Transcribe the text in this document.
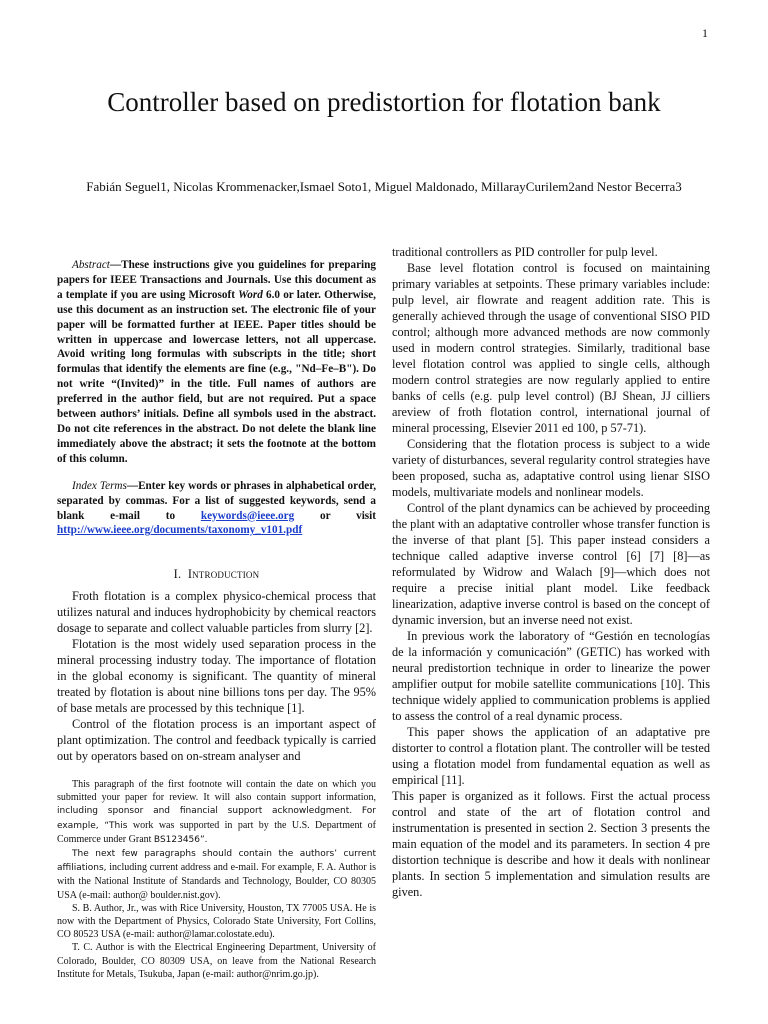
1
Controller based on predistortion for flotation bank
Fabián Seguel1, Nicolas Krommenacker,Ismael Soto1, Miguel Maldonado, MillarayCurilem2and Nestor Becerra3

Abstract—These instructions give you guidelines for preparing papers for IEEE Transactions and Journals. Use this document as a template if you are using Microsoft Word 6.0 or later. Otherwise, use this document as an instruction set. The electronic file of your paper will be formatted further at IEEE. Paper titles should be written in uppercase and lowercase letters, not all uppercase. Avoid writing long formulas with subscripts in the title; short formulas that identify the elements are fine (e.g., "Nd–Fe–B"). Do not write “(Invited)” in the title. Full names of authors are preferred in the author field, but are not required. Put a space between authors’ initials. Define all symbols used in the abstract. Do not cite references in the abstract. Do not delete the blank line immediately above the abstract; it sets the footnote at the bottom of this column.

Index Terms—Enter key words or phrases in alphabetical order, separated by commas. For a list of suggested keywords, send a blank e-mail to keywords@ieee.org or visit http://www.ieee.org/documents/taxonomy_v101.pdf

I. Introduction

Froth flotation is a complex physico-chemical process that utilizes natural and induces hydrophobicity by chemical reactors dosage to separate and collect valuable particles from slurry [2].

Flotation is the most widely used separation process in the mineral processing industry today. The importance of flotation in the global economy is significant. The quantity of mineral treated by flotation is about nine billions tons per day. The 95% of base metals are processed by this technique [1].

Control of the flotation process is an important aspect of plant optimization. The control and feedback typically is carried out by operators based on on-stream analyser and

This paragraph of the first footnote will contain the date on which you submitted your paper for review. It will also contain support information, including sponsor and financial support acknowledgment. For example, “This work was supported in part by the U.S. Department of Commerce under Grant BS123456”.

The next few paragraphs should contain the authors’ current affiliations, including current address and e-mail. For example, F. A. Author is with the National Institute of Standards and Technology, Boulder, CO 80305 USA (e-mail: author@ boulder.nist.gov).

S. B. Author, Jr., was with Rice University, Houston, TX 77005 USA. He is now with the Department of Physics, Colorado State University, Fort Collins, CO 80523 USA (e-mail: author@lamar.colostate.edu).

T. C. Author is with the Electrical Engineering Department, University of Colorado, Boulder, CO 80309 USA, on leave from the National Research Institute for Metals, Tsukuba, Japan (e-mail: author@nrim.go.jp).

traditional controllers as PID controller for pulp level.

Base level flotation control is focused on maintaining primary variables at setpoints. These primary variables include: pulp level, air flowrate and reagent addition rate. This is generally achieved through the usage of conventional SISO PID control; although more advanced methods are now commonly used in modern control strategies. Similarly, traditional base level flotation control was applied to single cells, although modern control strategies are now regularly applied to entire banks of cells (e.g. pulp level control) (BJ Shean, JJ cilliers areview of froth flotation control, international journal of mineral processing, Elsevier 2011 ed 100, p 57-71).

Considering that the flotation process is subject to a wide variety of disturbances, several regularity control strategies have been proposed, sucha as, adaptative control using lienar SISO models, multivariate models and nonlinear models.

Control of the plant dynamics can be achieved by proceeding the plant with an adaptative controller whose transfer function is the inverse of that plant [5]. This paper instead considers a technique called adaptive inverse control [6] [7] [8]—as reformulated by Widrow and Walach [9]—which does not require a precise initial plant model. Like feedback linearization, adaptive inverse control is based on the concept of dynamic inversion, but an inverse need not exist.

In previous work the laboratory of “Gestión en tecnologías de la información y comunicación” (GETIC) has worked with neural predistortion technique in order to linearize the power amplifier output for mobile satellite communications [10]. This technique widely applied to communication problems is applied to assess the control of a real dynamic process.

This paper shows the application of an adaptative pre distorter to control a flotation plant. The controller will be tested using a flotation model from fundamental equation as well as empirical [11].

This paper is organized as it follows. First the actual process control and state of the art of flotation control and instrumentation is presented in section 2. Section 3 presents the main equation of the model and its parameters. In section 4 pre distortion technique is describe and how it deals with nonlinear plants. In section 5 implementation and simulation results are given.
